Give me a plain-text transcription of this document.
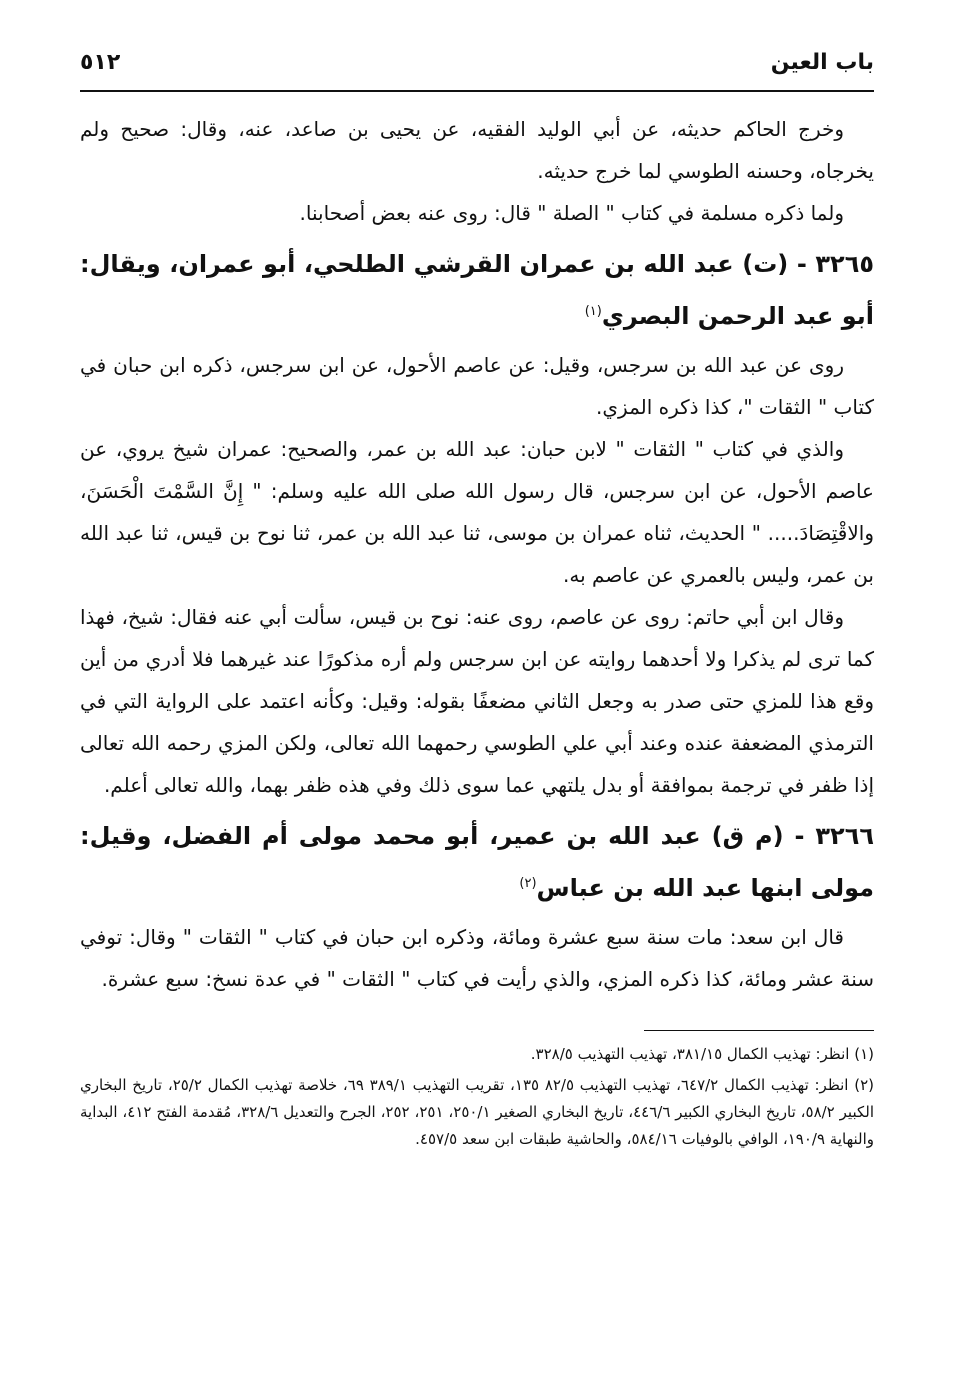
باب العين
٥١٢

وخرج الحاكم حديثه، عن أبي الوليد الفقيه، عن يحيى بن صاعد، عنه، وقال: صحيح ولم يخرجاه، وحسنه الطوسي لما خرج حديثه.

ولما ذكره مسلمة في كتاب " الصلة " قال: روى عنه بعض أصحابنا.

٣٢٦٥ - (ت) عبد الله بن عمران القرشي الطلحي، أبو عمران، ويقال: أبو عبد الرحمن البصري$^{(١)}$

روى عن عبد الله بن سرجس، وقيل: عن عاصم الأحول، عن ابن سرجس، ذكره ابن حبان في كتاب " الثقات "، كذا ذكره المزي.

والذي في كتاب " الثقات " لابن حبان: عبد الله بن عمر، والصحيح: عمران شيخ يروي، عن عاصم الأحول، عن ابن سرجس، قال رسول الله صلى الله عليه وسلم: " إِنَّ السَّمْتَ الْحَسَنَ، والاقْتِصَادَ..... " الحديث، ثناه عمران بن موسى، ثنا عبد الله بن عمر، ثنا نوح بن قيس، ثنا عبد الله بن عمر، وليس بالعمري عن عاصم به.

وقال ابن أبي حاتم: روى عن عاصم، روى عنه: نوح بن قيس، سألت أبي عنه فقال: شيخ، فهذا كما ترى لم يذكرا ولا أحدهما روايته عن ابن سرجس ولم أره مذكورًا عند غيرهما فلا أدري من أين وقع هذا للمزي حتى صدر به وجعل الثاني مضعفًا بقوله: وقيل: وكأنه اعتمد على الرواية التي في الترمذي المضعفة عنده وعند أبي علي الطوسي رحمهما الله تعالى، ولكن المزي رحمه الله تعالى إذا ظفر في ترجمة بموافقة أو بدل يلتهي عما سوى ذلك وفي هذه ظفر بهما، والله تعالى أعلم.

٣٢٦٦ - (م ق) عبد الله بن عمير، أبو محمد مولى أم الفضل، وقيل: مولى ابنها عبد الله بن عباس$^{(٢)}$

قال ابن سعد: مات سنة سبع عشرة ومائة، وذكره ابن حبان في كتاب " الثقات " وقال: توفي سنة عشر ومائة، كذا ذكره المزي، والذي رأيت في كتاب " الثقات " في عدة نسخ: سبع عشرة.

(١) انظر: تهذيب الكمال ٣٨١/١٥، تهذيب التهذيب ٣٢٨/٥.

(٢) انظر: تهذيب الكمال ٦٤٧/٢، تهذيب التهذيب ٨٢/٥ ١٣٥، تقريب التهذيب ٣٨٩/١ ٦٩، خلاصة تهذيب الكمال ٢٥/٢، تاريخ البخاري الكبير ٥٨/٢، تاريخ البخاري الكبير ٤٤٦/٦، تاريخ البخاري الصغير ٢٥٠/١، ٢٥١، ٢٥٢، الجرح والتعديل ٣٢٨/٦، مُقدمة الفتح ٤١٢، البداية والنهاية ١٩٠/٩، الوافي بالوفيات ٥٨٤/١٦، والحاشية طبقات ابن سعد ٤٥٧/٥.
